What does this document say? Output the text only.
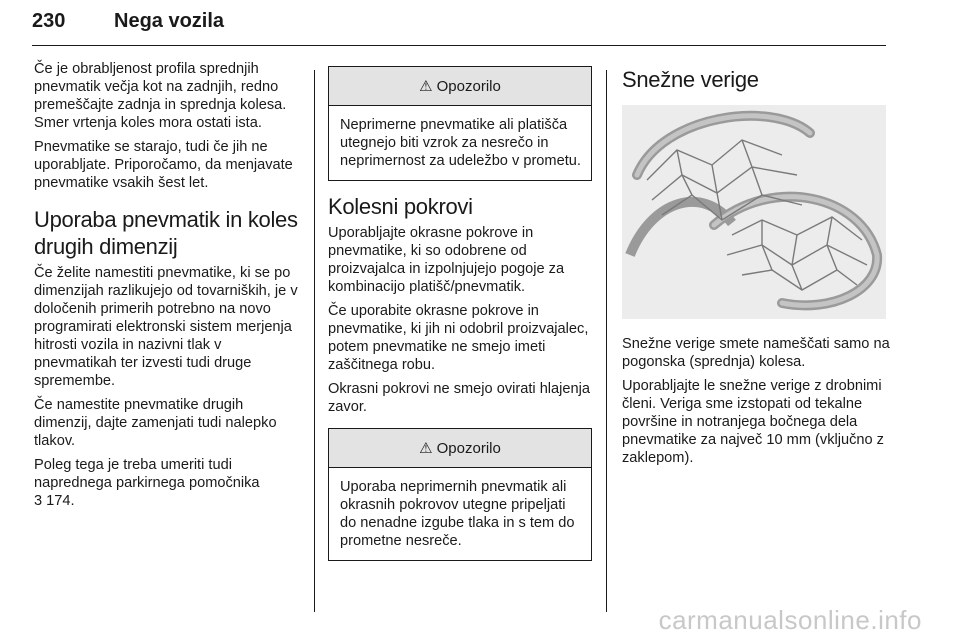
230 Nega vozila

Če je obrabljenost profila sprednjih pnevmatik večja kot na zadnjih, redno premeščajte zadnja in sprednja kolesa. Smer vrtenja koles mora ostati ista.

Pnevmatike se starajo, tudi če jih ne uporabljate. Priporočamo, da menjavate pnevmatike vsakih šest let.

Uporaba pnevmatik in koles drugih dimenzij

Če želite namestiti pnevmatike, ki se po dimenzijah razlikujejo od tovarniških, je v določenih primerih potrebno na novo programirati elektronski sistem merjenja hitrosti vozila in nazivni tlak v pnevmatikah ter izvesti tudi druge spremembe.

Če namestite pnevmatike drugih dimenzij, dajte zamenjati tudi nalepko tlakov.

Poleg tega je treba umeriti tudi naprednega parkirnega pomočnika
3 174.

⚠ Opozorilo

Neprimerne pnevmatike ali platišča utegnejo biti vzrok za nesrečo in neprimernost za udeležbo v prometu.

Kolesni pokrovi

Uporabljajte okrasne pokrove in pnevmatike, ki so odobrene od proizvajalca in izpolnjujejo pogoje za kombinacijo platišč/pnevmatik.

Če uporabite okrasne pokrove in pnevmatike, ki jih ni odobril proizvajalec, potem pnevmatike ne smejo imeti zaščitnega robu.

Okrasni pokrovi ne smejo ovirati hlajenja zavor.

⚠ Opozorilo

Uporaba neprimernih pnevmatik ali okrasnih pokrovov utegne pripeljati do nenadne izgube tlaka in s tem do prometne nesreče.

Snežne verige

Snežne verige smete nameščati samo na pogonska (sprednja) kolesa.

Uporabljajte le snežne verige z drobnimi členi. Veriga sme izstopati od tekalne površine in notranjega bočnega dela pnevmatike za največ 10 mm (vključno z zaklepom).

carmanualsonline.info
